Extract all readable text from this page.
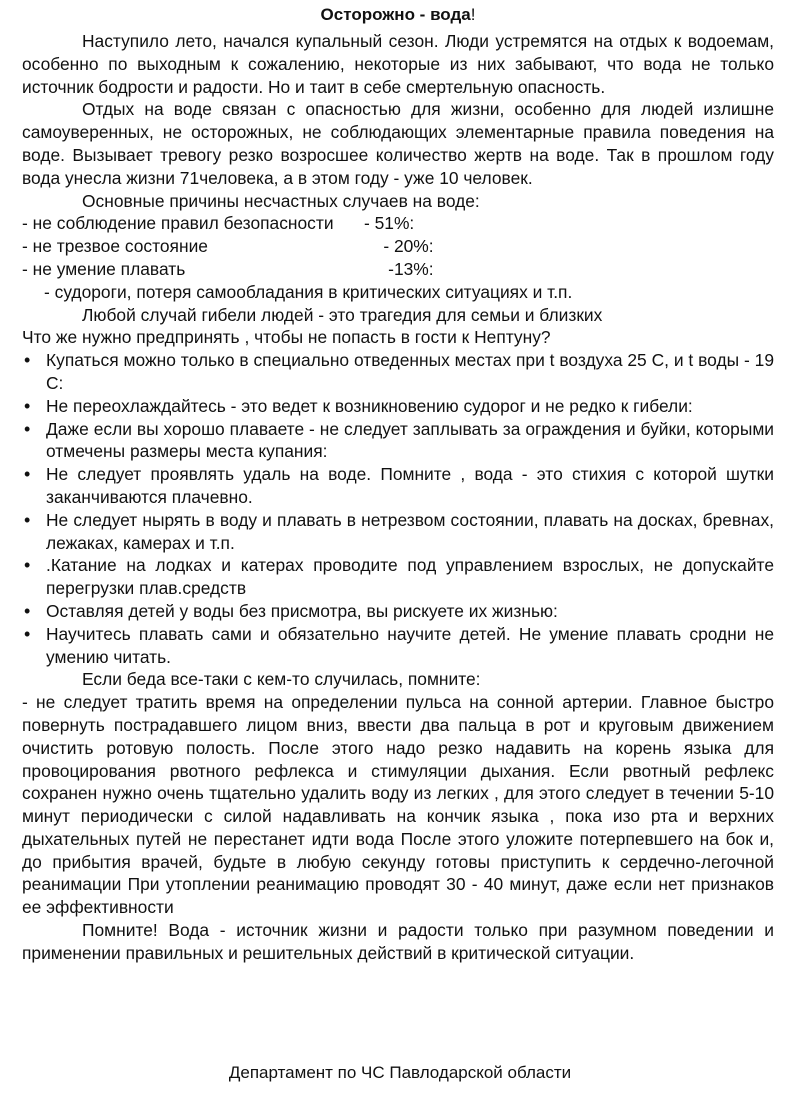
Осторожно - вода!

Наступило лето, начался купальный сезон. Люди устремятся на отдых к водоемам, особенно по выходным к сожалению, некоторые из них забывают, что вода не только источник бодрости и радости. Но и таит в себе смертельную опасность.

Отдых на воде связан с опасностью для жизни, особенно для людей излишне самоуверенных, не осторожных, не соблюдающих элементарные правила поведения на воде. Вызывает тревогу резко возросшее количество жертв на воде. Так в прошлом году вода унесла жизни 71человека, а в этом году - уже 10 человек.

Основные причины несчастных случаев на воде:

- не соблюдение правил безопасности	- 51%:
- не трезвое состояние	- 20%:
- не умение плавать	-13%:

- судороги, потеря самообладания в критических ситуациях и т.п.

Любой случай гибели людей - это трагедия для семьи и близких

Что же нужно предпринять , чтобы не попасть в гости к Нептуну?

• Купаться можно только в специально отведенных местах при t воздуха 25 С, и t воды - 19 С:
• Не переохлаждайтесь - это ведет к возникновению судорог и не редко к гибели:
• Даже если вы хорошо плаваете - не следует заплывать за ограждения и буйки, которыми отмечены размеры места купания:
• Не следует проявлять удаль на воде. Помните , вода - это стихия с которой шутки заканчиваются плачевно.
• Не следует нырять в воду и плавать в нетрезвом состоянии, плавать на досках, бревнах, лежаках, камерах и т.п.
• .Катание на лодках и катерах проводите под управлением взрослых, не допускайте перегрузки плав.средств
• Оставляя детей у воды без присмотра, вы рискуете их жизнью:
• Научитесь плавать сами и обязательно научите детей. Не умение плавать сродни не умению читать.

Если беда все-таки с кем-то случилась, помните:

- не следует тратить время на определении пульса на сонной артерии. Главное быстро повернуть пострадавшего лицом вниз, ввести два пальца в рот и круговым движением очистить ротовую полость. После этого надо резко надавить на корень языка для провоцирования рвотного рефлекса и стимуляции дыхания. Если рвотный рефлекс сохранен нужно очень тщательно удалить воду из легких , для этого следует в течении 5-10 минут периодически с силой надавливать на кончик языка , пока изо рта и верхних дыхательных путей не перестанет идти вода После этого уложите потерпевшего на бок и, до прибытия врачей, будьте в любую секунду готовы приступить к сердечно-легочной реанимации При утоплении реанимацию проводят 30 - 40 минут, даже если нет признаков ее эффективности

Помните! Вода - источник жизни и радости только при разумном поведении и применении правильных и решительных действий в критической ситуации.

Департамент по ЧС Павлодарской области
